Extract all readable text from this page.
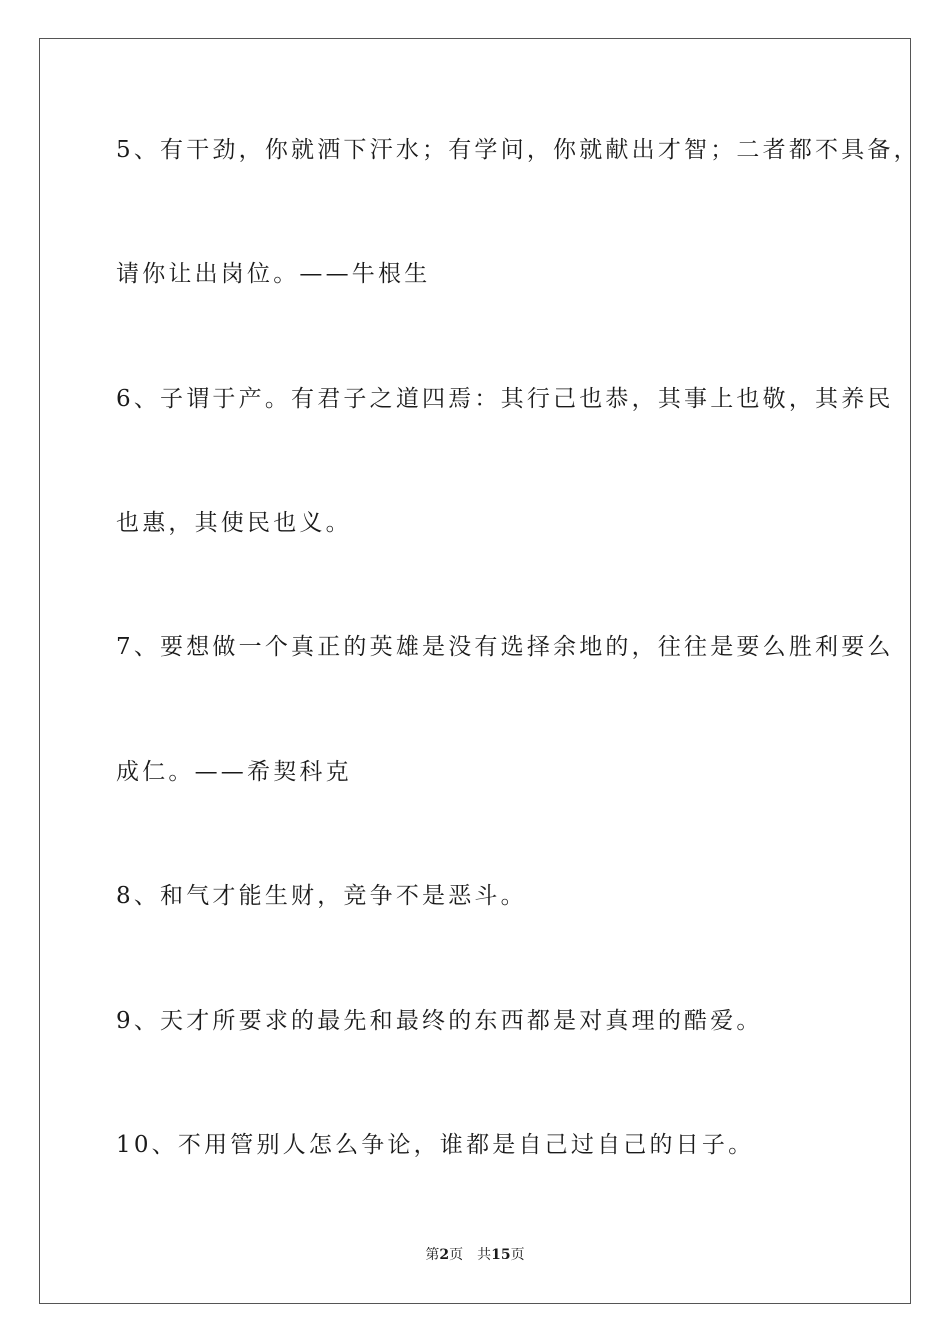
5、有干劲，你就洒下汗水；有学问，你就献出才智；二者都不具备，
请你让出岗位。——牛根生
6、子谓于产。有君子之道四焉：其行己也恭，其事上也敬，其养民
也惠，其使民也义。
7、要想做一个真正的英雄是没有选择余地的，往往是要么胜利要么
成仁。——希契科克
8、和气才能生财，竞争不是恶斗。
9、天才所要求的最先和最终的东西都是对真理的酷爱。
10、不用管别人怎么争论，谁都是自己过自己的日子。
第2页 共15页
